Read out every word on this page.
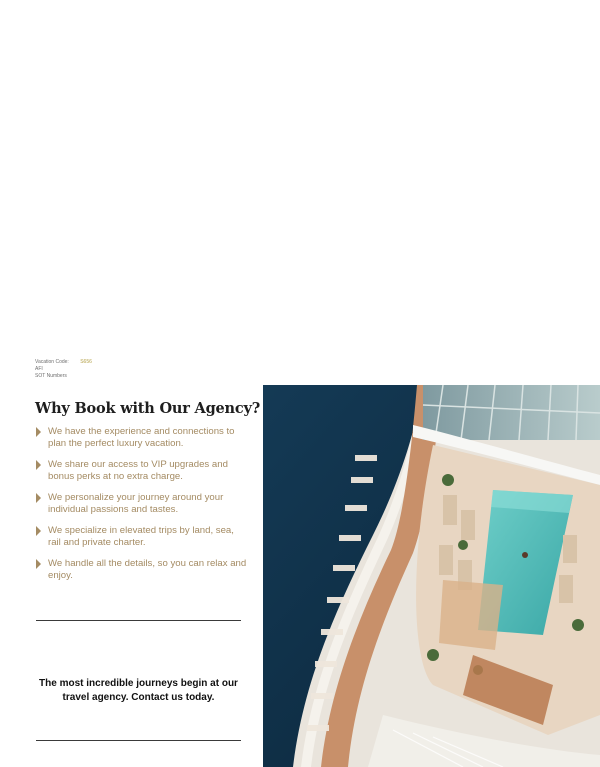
Vacation Code: S656
AFI
SOT Numbers
Why Book with Our Agency?
We have the experience and connections to plan the perfect luxury vacation.
We share our access to VIP upgrades and bonus perks at no extra charge.
We personalize your journey around your individual passions and tastes.
We specialize in elevated trips by land, sea, rail and private charter.
We handle all the details, so you can relax and enjoy.

The most incredible journeys begin at our travel agency. Contact us today.
